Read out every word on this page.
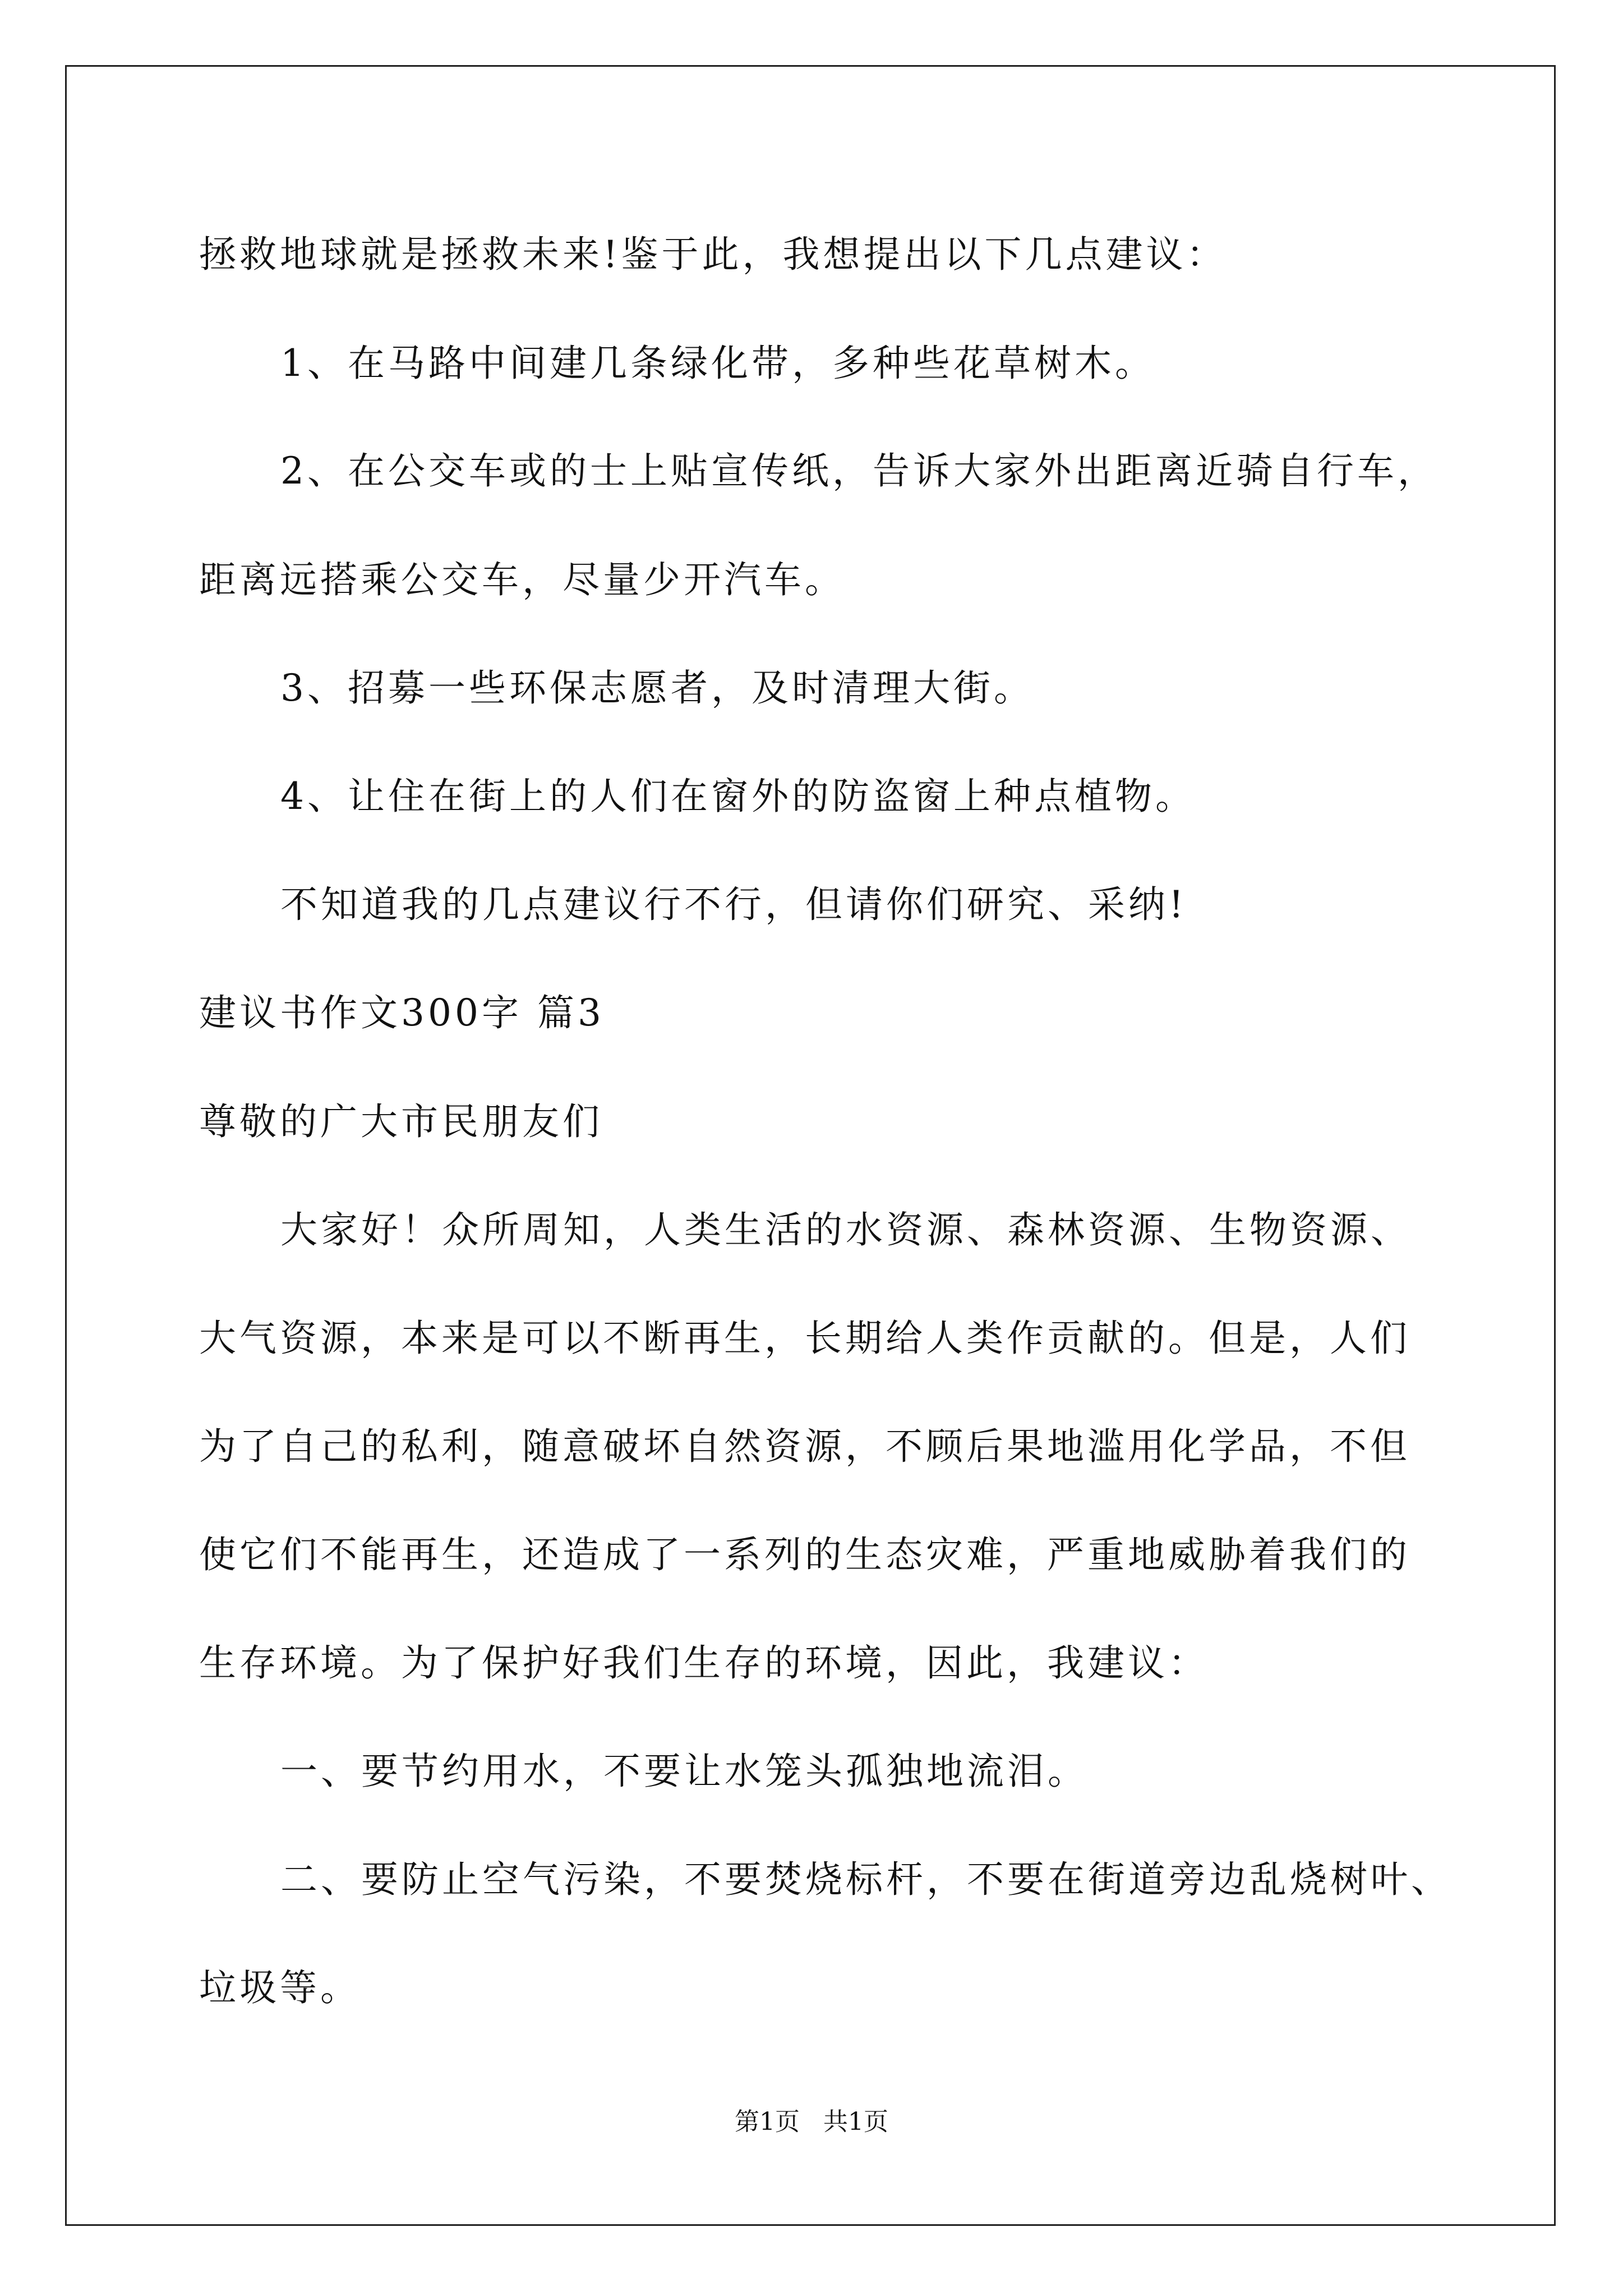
拯救地球就是拯救未来!鉴于此，我想提出以下几点建议：
1、在马路中间建几条绿化带，多种些花草树木。
2、在公交车或的士上贴宣传纸，告诉大家外出距离近骑自行车，
距离远搭乘公交车，尽量少开汽车。
3、招募一些环保志愿者，及时清理大街。
4、让住在街上的人们在窗外的防盗窗上种点植物。
不知道我的几点建议行不行，但请你们研究、采纳!
建议书作文300字 篇3
尊敬的广大市民朋友们
大家好！众所周知，人类生活的水资源、森林资源、生物资源、
大气资源，本来是可以不断再生，长期给人类作贡献的。但是，人们
为了自己的私利，随意破坏自然资源，不顾后果地滥用化学品，不但
使它们不能再生，还造成了一系列的生态灾难，严重地威胁着我们的
生存环境。为了保护好我们生存的环境，因此，我建议：
一、要节约用水，不要让水笼头孤独地流泪。
二、要防止空气污染，不要焚烧标杆，不要在街道旁边乱烧树叶、
垃圾等。
第1页   共1页
